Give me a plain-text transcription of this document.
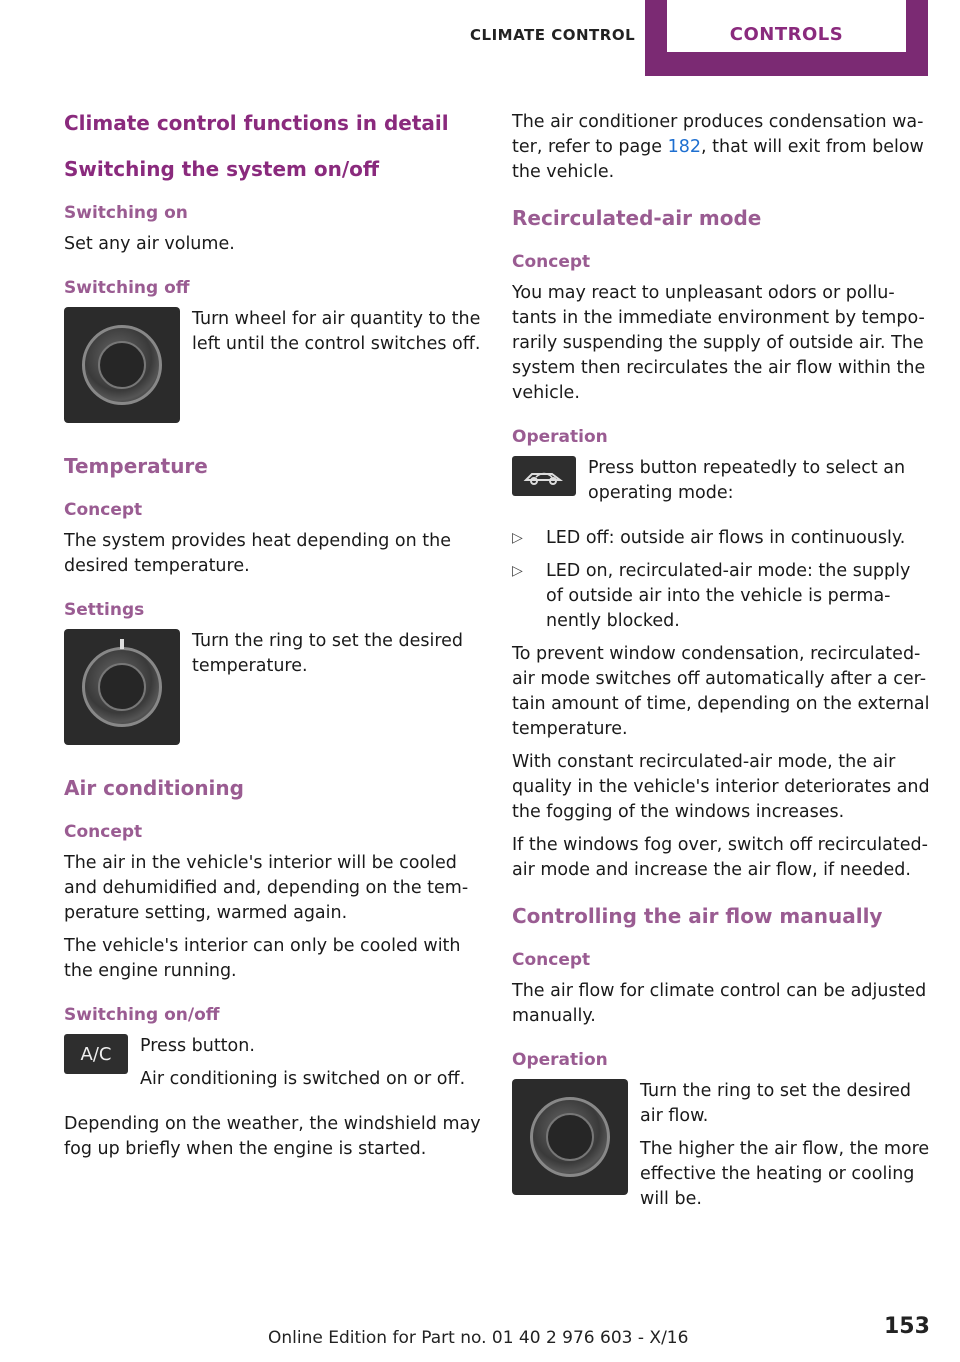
CLIMATE CONTROL	CONTROLS
Climate control functions in detail
Switching the system on/off
Switching on

Set any air volume.

Switching off

Turn wheel for air quantity to the left until the control switches off.

Temperature
Concept

The system provides heat depending on the desired temperature.

Settings

Turn the ring to set the desired temperature.

Air conditioning
Concept

The air in the vehicle's interior will be cooled and dehumidified and, depending on the tem-perature setting, warmed again.

The vehicle's interior can only be cooled with the engine running.

Switching on/off
A/C	Press button.

Air conditioning is switched on or off.

Depending on the weather, the windshield may fog up briefly when the engine is started.

The air conditioner produces condensation wa-ter, refer to page 182, that will exit from below the vehicle.

Recirculated-air mode
Concept

You may react to unpleasant odors or pollu-tants in the immediate environment by tempo-rarily suspending the supply of outside air. The system then recirculates the air flow within the vehicle.

Operation

Press button repeatedly to select an operating mode:

▷	LED off: outside air flows in continuously.
▷	LED on, recirculated-air mode: the supply of outside air into the vehicle is perma-nently blocked.

To prevent window condensation, recirculated-air mode switches off automatically after a cer-tain amount of time, depending on the external temperature.

With constant recirculated-air mode, the air quality in the vehicle's interior deteriorates and the fogging of the windows increases.

If the windows fog over, switch off recirculated-air mode and increase the air flow, if needed.

Controlling the air flow manually
Concept

The air flow for climate control can be adjusted manually.

Operation

Turn the ring to set the desired air flow.

The higher the air flow, the more effective the heating or cooling will be.

153
Online Edition for Part no. 01 40 2 976 603 - X/16
